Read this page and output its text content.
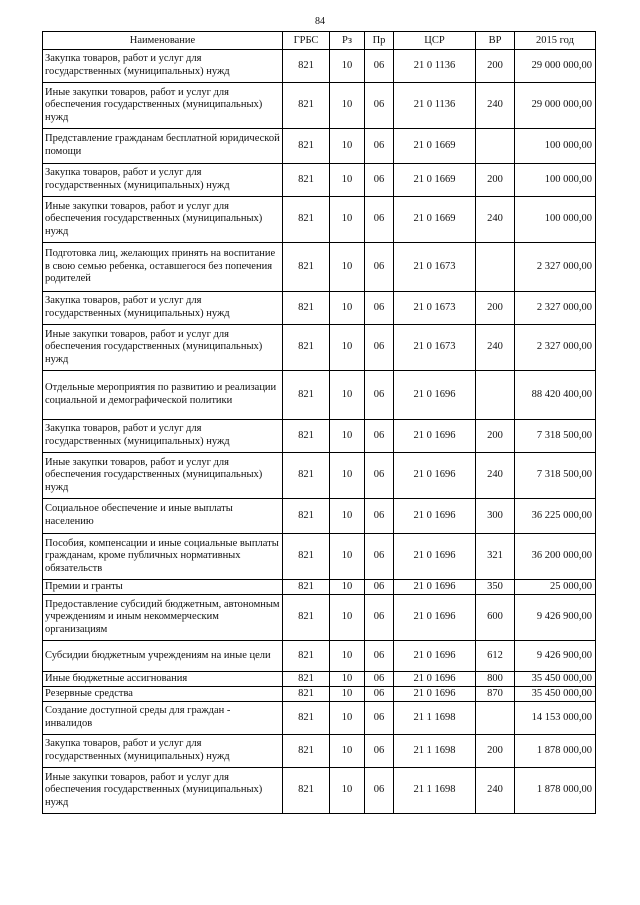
84
Наименование	ГРБС	Рз	Пр	ЦСР	ВР	2015 год
Закупка товаров, работ и услуг для государственных (муниципальных) нужд	821	10	06	21 0 1136	200	29 000 000,00
Иные закупки товаров, работ и услуг для обеспечения государственных (муниципальных) нужд	821	10	06	21 0 1136	240	29 000 000,00
Представление гражданам бесплатной юридической помощи	821	10	06	21 0 1669		100 000,00
Закупка товаров, работ и услуг для государственных (муниципальных) нужд	821	10	06	21 0 1669	200	100 000,00
Иные закупки товаров, работ и услуг для обеспечения государственных (муниципальных) нужд	821	10	06	21 0 1669	240	100 000,00
Подготовка лиц, желающих принять на воспитание в свою семью ребенка, оставшегося без попечения родителей	821	10	06	21 0 1673		2 327 000,00
Закупка товаров, работ и услуг для государственных (муниципальных) нужд	821	10	06	21 0 1673	200	2 327 000,00
Иные закупки товаров, работ и услуг для обеспечения государственных (муниципальных) нужд	821	10	06	21 0 1673	240	2 327 000,00
Отдельные мероприятия по развитию и реализации социальной и демографической политики	821	10	06	21 0 1696		88 420 400,00
Закупка товаров, работ и услуг для государственных (муниципальных) нужд	821	10	06	21 0 1696	200	7 318 500,00
Иные закупки товаров, работ и услуг для обеспечения государственных (муниципальных) нужд	821	10	06	21 0 1696	240	7 318 500,00
Социальное обеспечение и иные выплаты населению	821	10	06	21 0 1696	300	36 225 000,00
Пособия, компенсации и иные социальные выплаты гражданам, кроме публичных нормативных обязательств	821	10	06	21 0 1696	321	36 200 000,00
Премии и гранты	821	10	06	21 0 1696	350	25 000,00
Предоставление субсидий бюджетным, автономным учреждениям и иным некоммерческим организациям	821	10	06	21 0 1696	600	9 426 900,00
Субсидии бюджетным учреждениям на иные цели	821	10	06	21 0 1696	612	9 426 900,00
Иные бюджетные ассигнования	821	10	06	21 0 1696	800	35 450 000,00
Резервные средства	821	10	06	21 0 1696	870	35 450 000,00
Создание доступной среды для граждан - инвалидов	821	10	06	21 1 1698		14 153 000,00
Закупка товаров, работ и услуг для государственных (муниципальных) нужд	821	10	06	21 1 1698	200	1 878 000,00
Иные закупки товаров, работ и услуг для обеспечения государственных (муниципальных) нужд	821	10	06	21 1 1698	240	1 878 000,00
